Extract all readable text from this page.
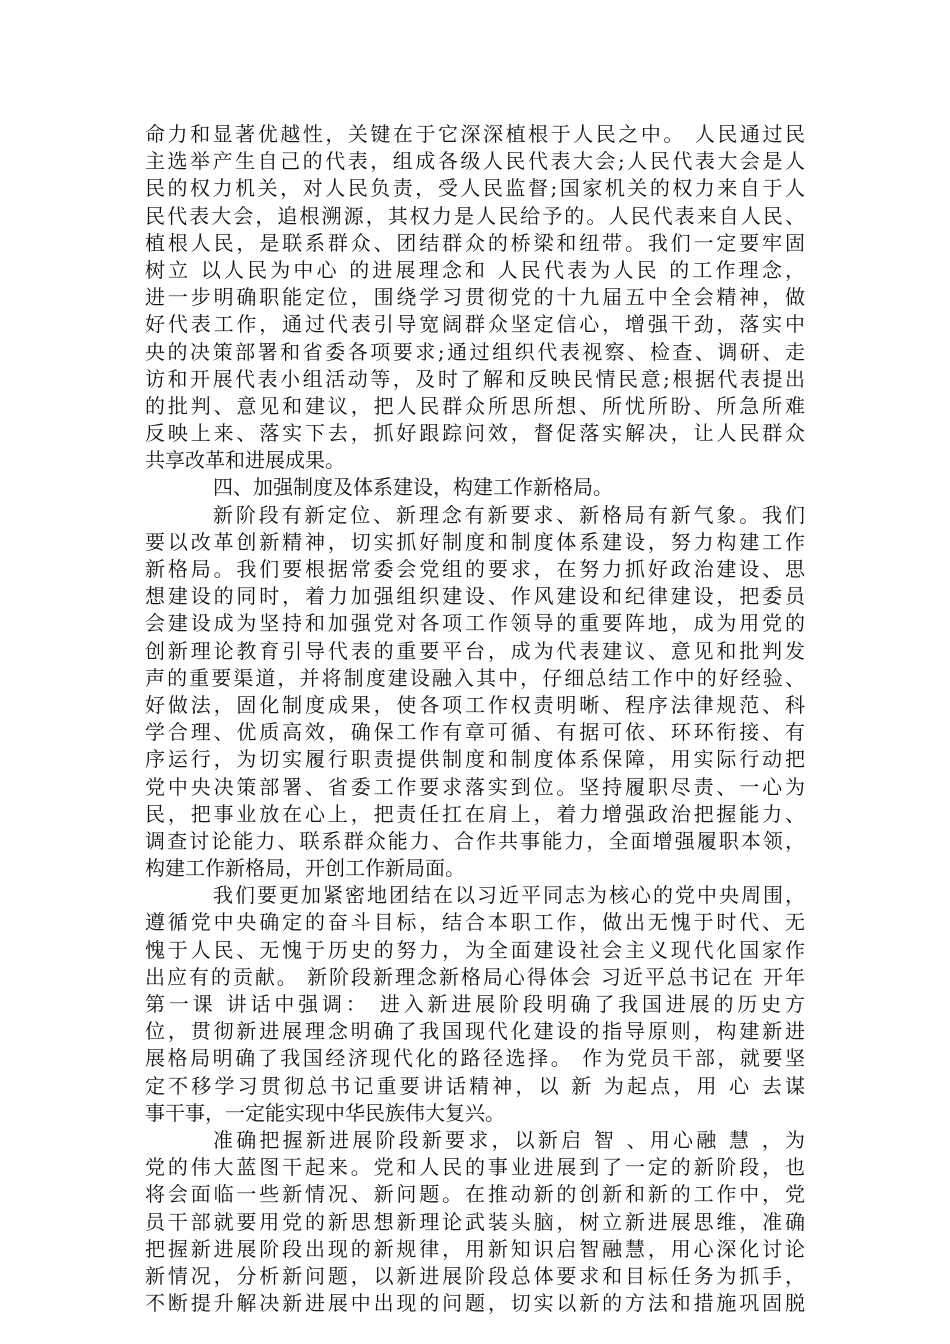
命力和显著优越性，关键在于它深深植根于人民之中。 人民通过民
主选举产生自己的代表，组成各级人民代表大会;人民代表大会是人
民的权力机关，对人民负责，受人民监督;国家机关的权力来自于人
民代表大会，追根溯源，其权力是人民给予的。人民代表来自人民、
植根人民，是联系群众、团结群众的桥梁和纽带。我们一定要牢固
树立 以人民为中心 的进展理念和 人民代表为人民 的工作理念，
进一步明确职能定位，围绕学习贯彻党的十九届五中全会精神，做
好代表工作，通过代表引导宽阔群众坚定信心，增强干劲，落实中
央的决策部署和省委各项要求;通过组织代表视察、检查、调研、走
访和开展代表小组活动等，及时了解和反映民情民意;根据代表提出
的批判、意见和建议，把人民群众所思所想、所忧所盼、所急所难
反映上来、落实下去，抓好跟踪问效，督促落实解决，让人民群众
共享改革和进展成果。
四、加强制度及体系建设，构建工作新格局。
新阶段有新定位、新理念有新要求、新格局有新气象。我们
要以改革创新精神，切实抓好制度和制度体系建设，努力构建工作
新格局。我们要根据常委会党组的要求，在努力抓好政治建设、思
想建设的同时，着力加强组织建设、作风建设和纪律建设，把委员
会建设成为坚持和加强党对各项工作领导的重要阵地，成为用党的
创新理论教育引导代表的重要平台，成为代表建议、意见和批判发
声的重要渠道，并将制度建设融入其中，仔细总结工作中的好经验、
好做法，固化制度成果，使各项工作权责明晰、程序法律规范、科
学合理、优质高效，确保工作有章可循、有据可依、环环衔接、有
序运行，为切实履行职责提供制度和制度体系保障，用实际行动把
党中央决策部署、省委工作要求落实到位。坚持履职尽责、一心为
民，把事业放在心上，把责任扛在肩上，着力增强政治把握能力、
调查讨论能力、联系群众能力、合作共事能力，全面增强履职本领，
构建工作新格局，开创工作新局面。
我们要更加紧密地团结在以习近平同志为核心的党中央周围，
遵循党中央确定的奋斗目标，结合本职工作，做出无愧于时代、无
愧于人民、无愧于历史的努力，为全面建设社会主义现代化国家作
出应有的贡献。 新阶段新理念新格局心得体会 习近平总书记在 开年
第一课 讲话中强调： 进入新进展阶段明确了我国进展的历史方
位，贯彻新进展理念明确了我国现代化建设的指导原则，构建新进
展格局明确了我国经济现代化的路径选择。 作为党员干部，就要坚
定不移学习贯彻总书记重要讲话精神，以 新 为起点，用 心 去谋
事干事，一定能实现中华民族伟大复兴。
准确把握新进展阶段新要求，以新启 智 、用心融 慧 ，为
党的伟大蓝图干起来。党和人民的事业进展到了一定的新阶段，也
将会面临一些新情况、新问题。在推动新的创新和新的工作中，党
员干部就要用党的新思想新理论武装头脑，树立新进展思维，准确
把握新进展阶段出现的新规律，用新知识启智融慧，用心深化讨论
新情况，分析新问题，以新进展阶段总体要求和目标任务为抓手，
不断提升解决新进展中出现的问题，切实以新的方法和措施巩固脱
